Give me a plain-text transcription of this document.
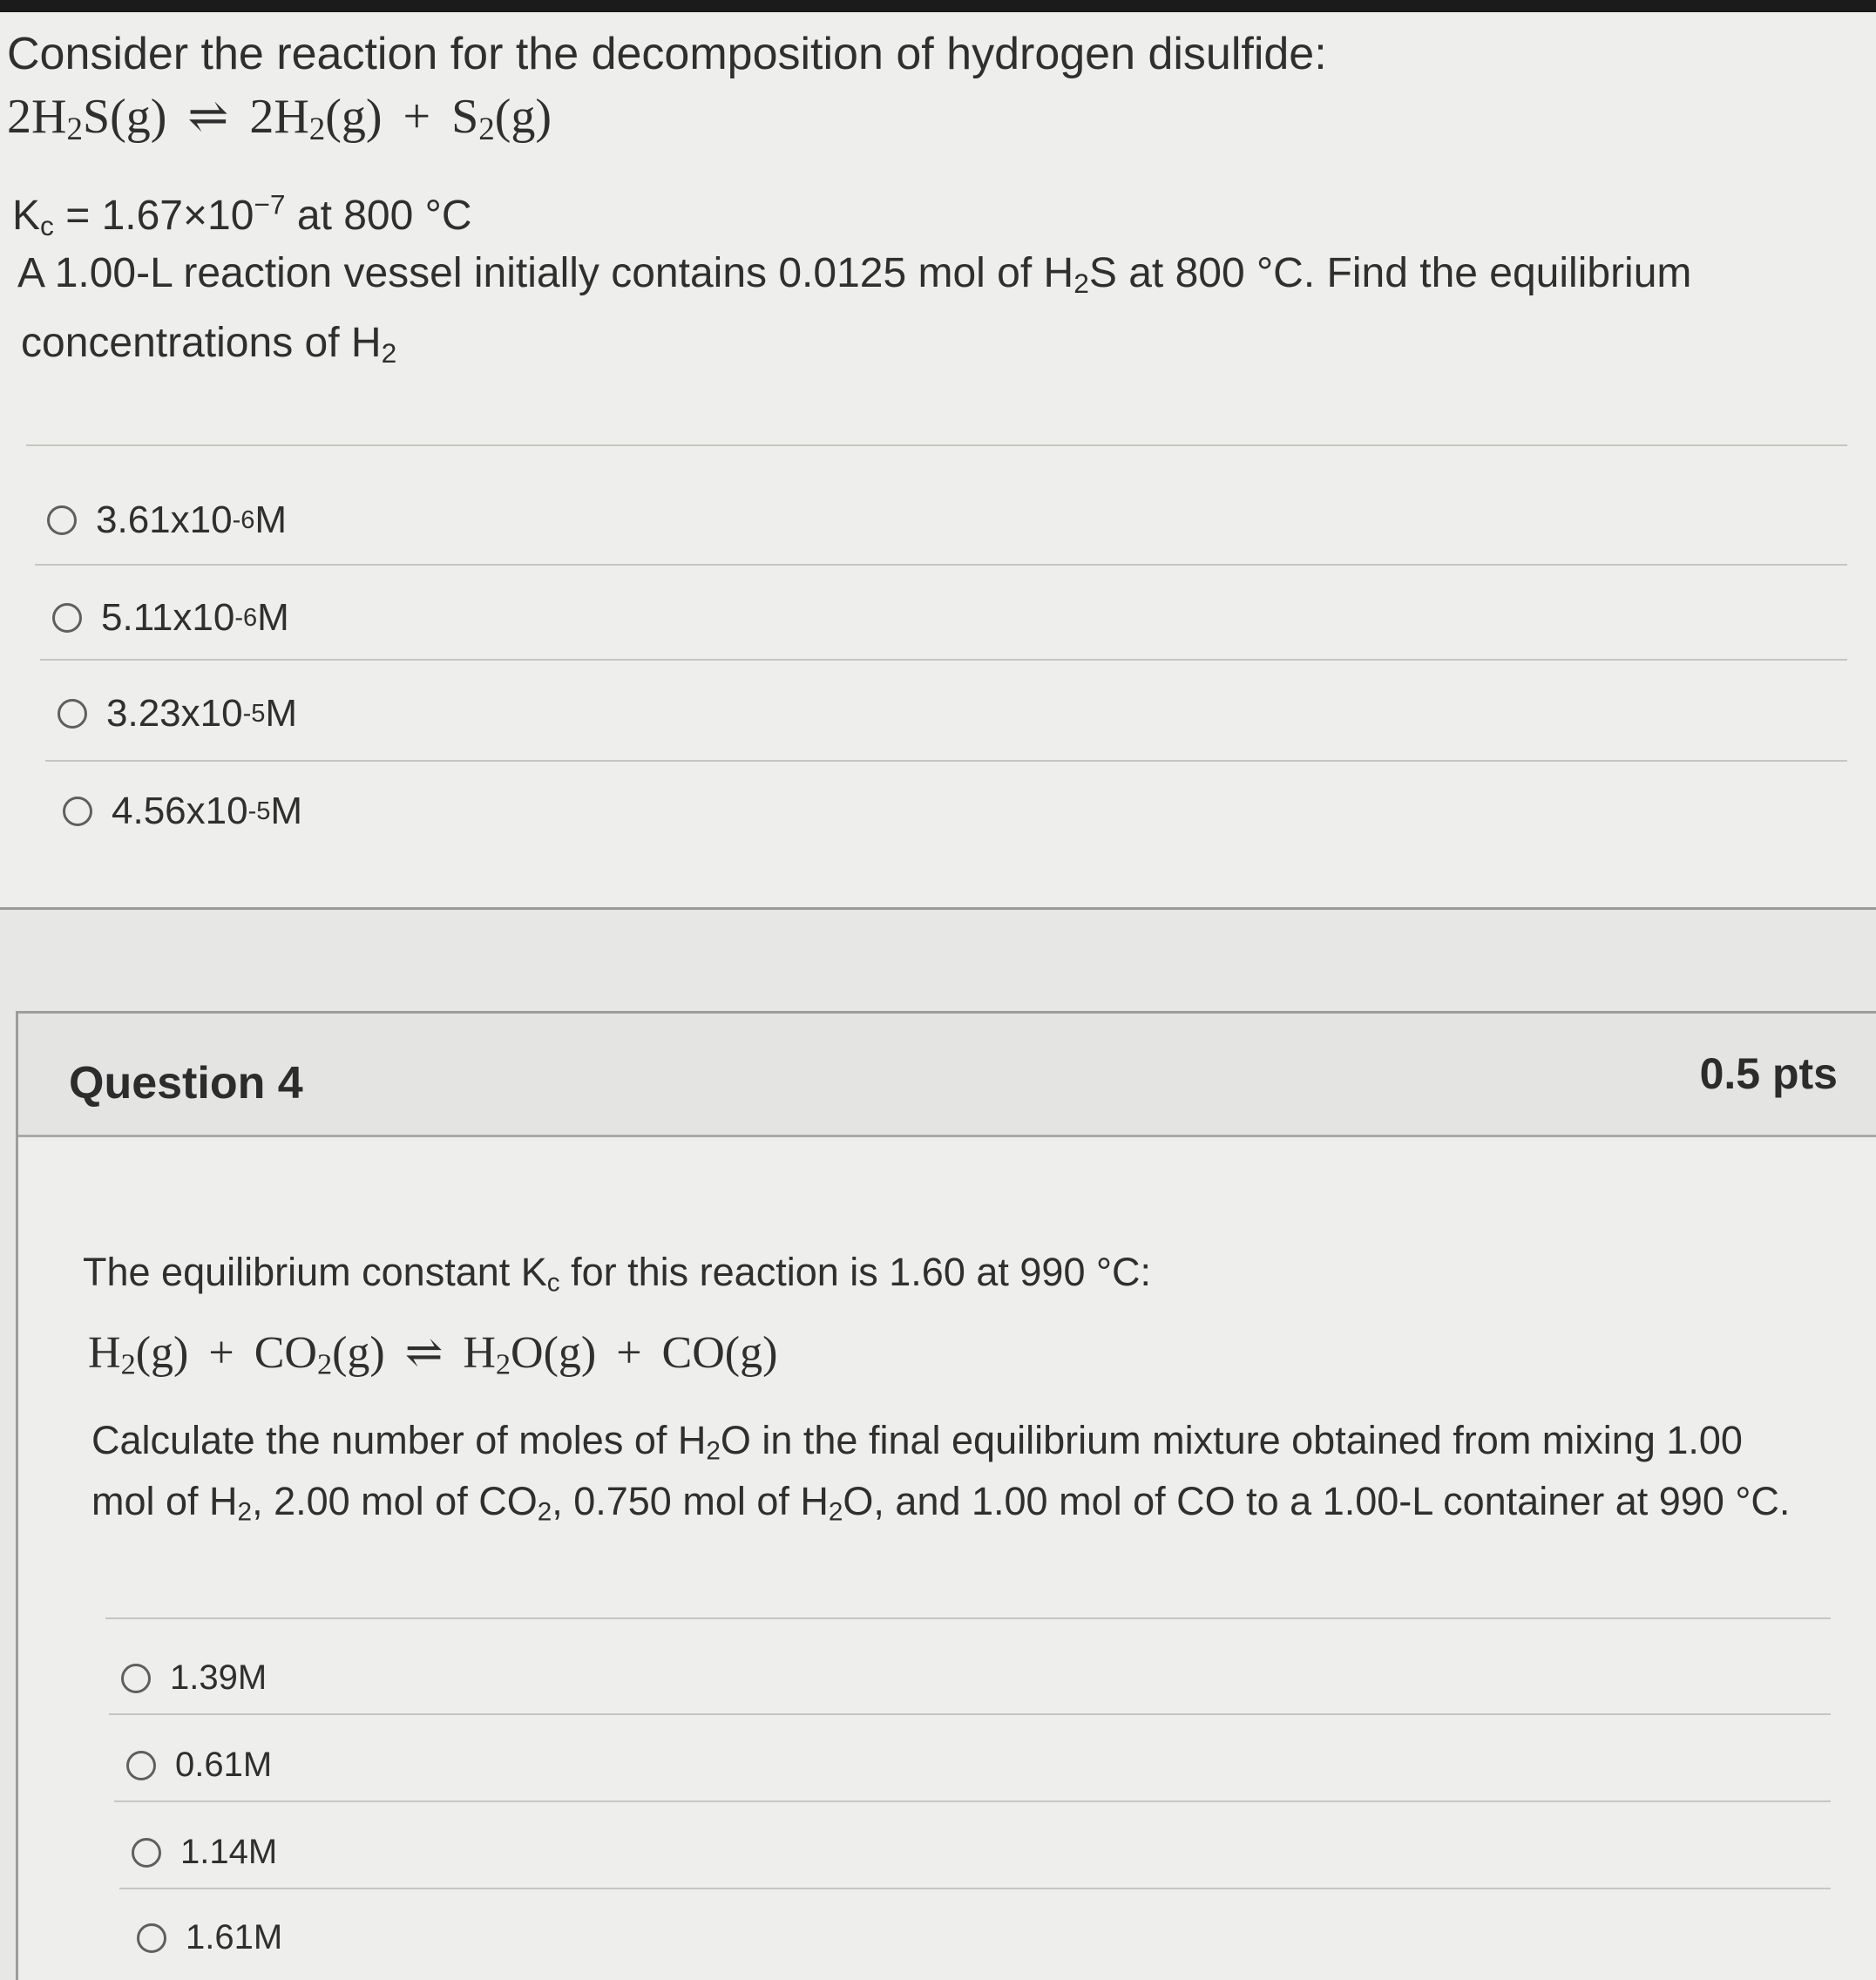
Consider the reaction for the decomposition of hydrogen disulfide:
$2H_2S(g)$ ⇌ $2H_2(g) + S_2(g)$
$K_c = 1.67\times 10^{-7}$ at 800 °C
A 1.00-L reaction vessel initially contains 0.0125 mol of $H_2S$ at 800 °C. Find the equilibrium
concentrations of $H_2$
3.61x10 -6 M
5.11x10 -6 M
3.23x10 -5 M
4.56x10 -5 M
Question 4	0.5 pts
The equilibrium constant $K_c$ for this reaction is 1.60 at 990 °C:
$H_2(g) + CO_2(g)$ ⇌ $H_2O(g) + CO(g)$
Calculate the number of moles of $H_2O$ in the final equilibrium mixture obtained from mixing 1.00
mol of $H_2$, 2.00 mol of $CO_2$, 0.750 mol of $H_2O$, and 1.00 mol of CO to a 1.00-L container at 990 °C.
1.39M
0.61M
1.14M
1.61M
